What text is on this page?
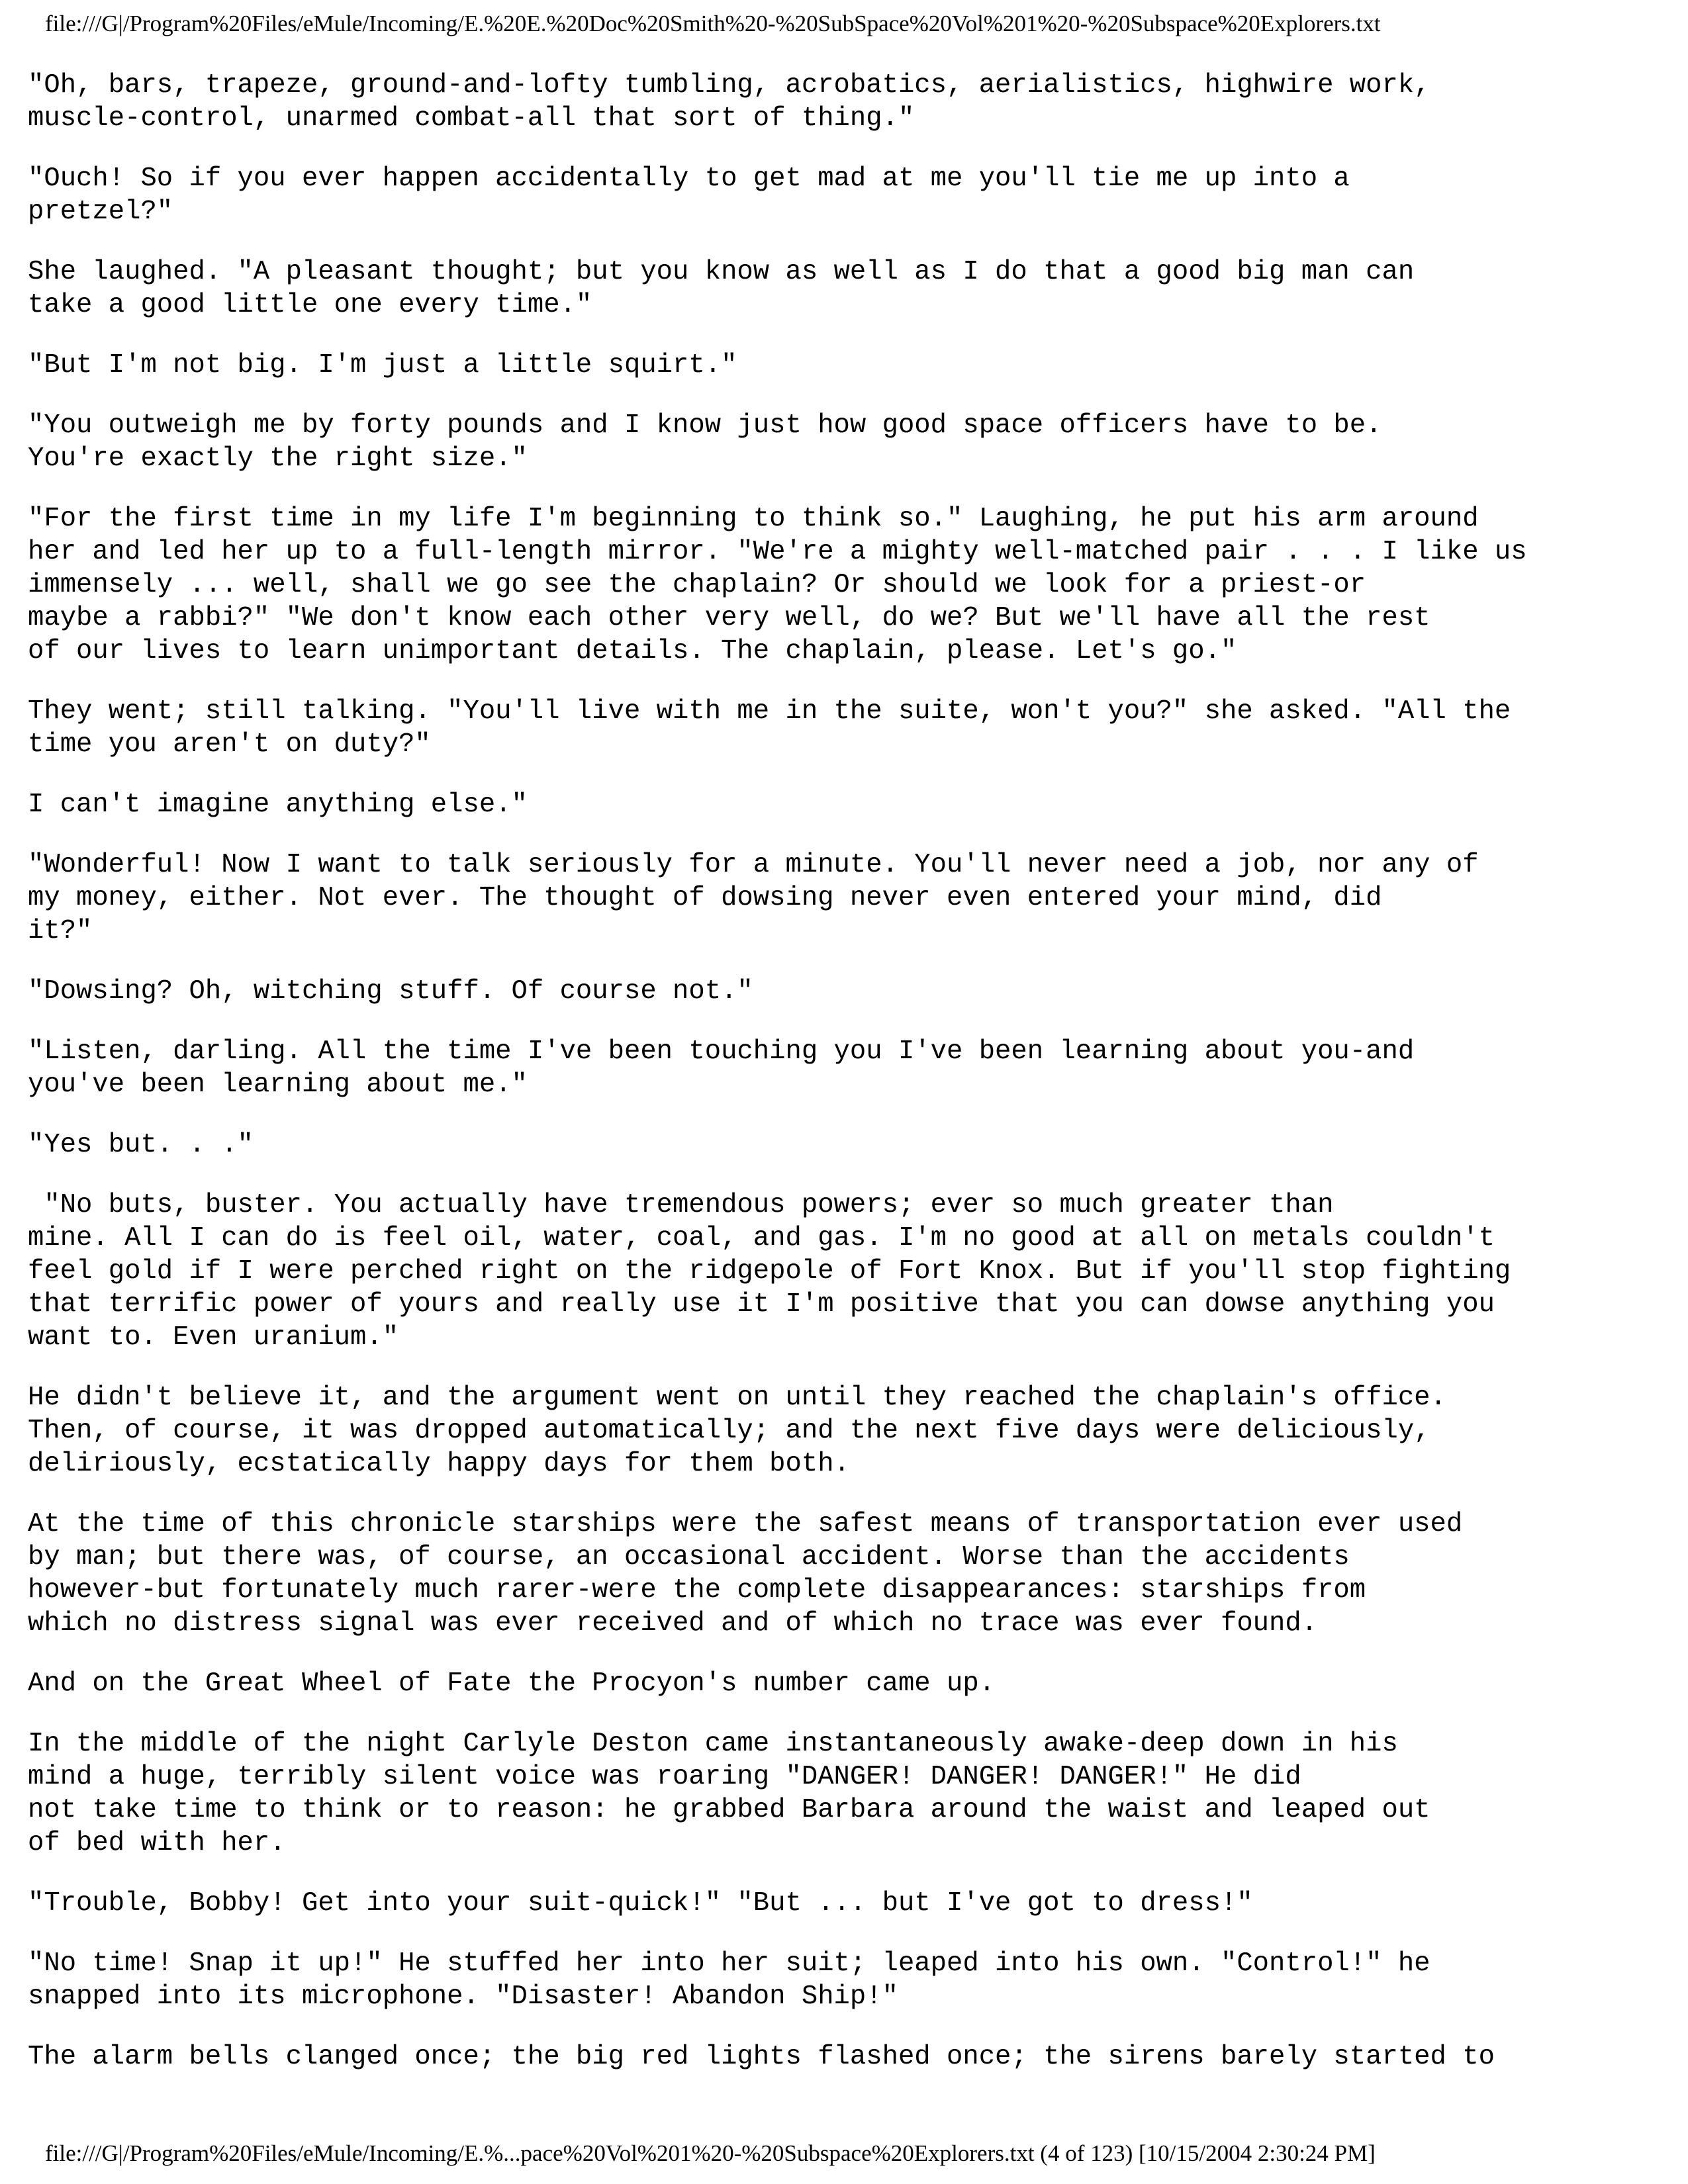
file:///G|/Program%20Files/eMule/Incoming/E.%20E.%20Doc%20Smith%20-%20SubSpace%20Vol%201%20-%20Subspace%20Explorers.txt
"Oh, bars, trapeze, ground-and-lofty tumbling, acrobatics, aerialistics, highwire work,
muscle-control, unarmed combat-all that sort of thing."
"Ouch! So if you ever happen accidentally to get mad at me you'll tie me up into a
pretzel?"
She laughed. "A pleasant thought; but you know as well as I do that a good big man can
take a good little one every time."
"But I'm not big. I'm just a little squirt."
"You outweigh me by forty pounds and I know just how good space officers have to be.
You're exactly the right size."
"For the first time in my life I'm beginning to think so." Laughing, he put his arm around
her and led her up to a full-length mirror. "We're a mighty well-matched pair . . . I like us
immensely ... well, shall we go see the chaplain? Or should we look for a priest-or
maybe a rabbi?" "We don't know each other very well, do we? But we'll have all the rest
of our lives to learn unimportant details. The chaplain, please. Let's go."
They went; still talking. "You'll live with me in the suite, won't you?" she asked. "All the
time you aren't on duty?"
I can't imagine anything else."
"Wonderful! Now I want to talk seriously for a minute. You'll never need a job, nor any of
my money, either. Not ever. The thought of dowsing never even entered your mind, did
it?"
"Dowsing? Oh, witching stuff. Of course not."
"Listen, darling. All the time I've been touching you I've been learning about you-and
you've been learning about me."
"Yes but. . ."
"No buts, buster. You actually have tremendous powers; ever so much greater than
mine. All I can do is feel oil, water, coal, and gas. I'm no good at all on metals couldn't
feel gold if I were perched right on the ridgepole of Fort Knox. But if you'll stop fighting
that terrific power of yours and really use it I'm positive that you can dowse anything you
want to. Even uranium."
He didn't believe it, and the argument went on until they reached the chaplain's office.
Then, of course, it was dropped automatically; and the next five days were deliciously,
deliriously, ecstatically happy days for them both.
At the time of this chronicle starships were the safest means of transportation ever used
by man; but there was, of course, an occasional accident. Worse than the accidents
however-but fortunately much rarer-were the complete disappearances: starships from
which no distress signal was ever received and of which no trace was ever found.
And on the Great Wheel of Fate the Procyon's number came up.
In the middle of the night Carlyle Deston came instantaneously awake-deep down in his
mind a huge, terribly silent voice was roaring "DANGER! DANGER! DANGER!" He did
not take time to think or to reason: he grabbed Barbara around the waist and leaped out
of bed with her.
"Trouble, Bobby! Get into your suit-quick!" "But ... but I've got to dress!"
"No time! Snap it up!" He stuffed her into her suit; leaped into his own. "Control!" he
snapped into its microphone. "Disaster! Abandon Ship!"
The alarm bells clanged once; the big red lights flashed once; the sirens barely started to
file:///G|/Program%20Files/eMule/Incoming/E.%...pace%20Vol%201%20-%20Subspace%20Explorers.txt (4 of 123) [10/15/2004 2:30:24 PM]
